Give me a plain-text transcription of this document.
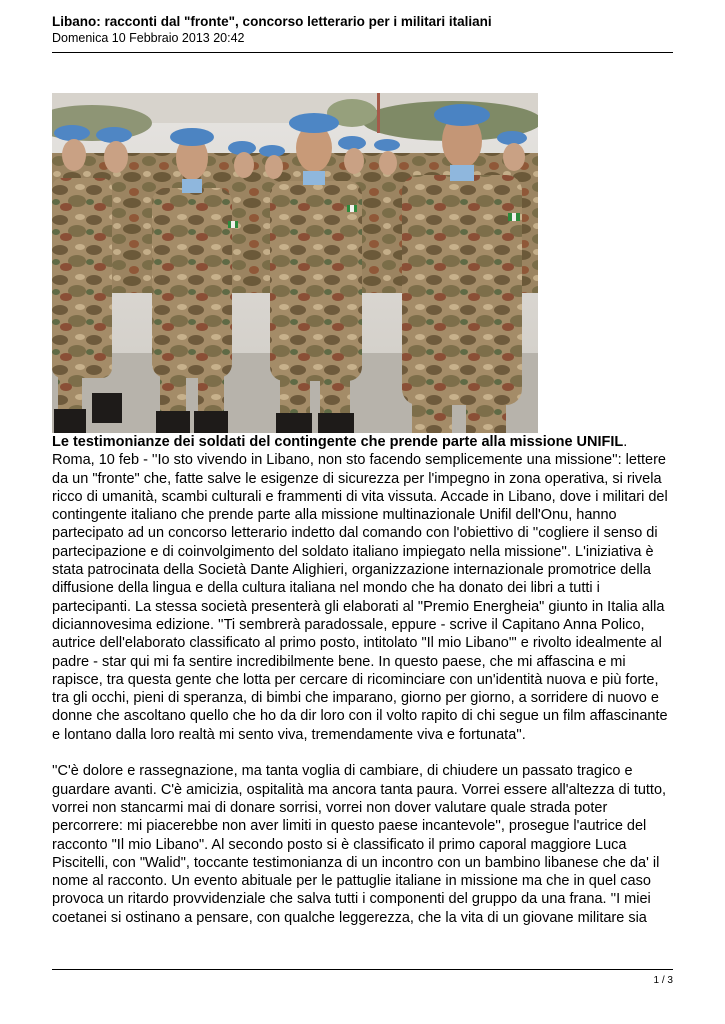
Libano: racconti dal "fronte", concorso letterario per i militari italiani
Domenica 10 Febbraio 2013 20:42

Le testimonianze dei soldati del contingente che prende parte alla missione UNIFIL.
Roma, 10 feb - ''Io sto vivendo in Libano, non sto facendo semplicemente una missione'': lettere da un "fronte" che, fatte salve le esigenze di sicurezza per l'impegno in zona operativa, si rivela ricco di umanità, scambi culturali e frammenti di vita vissuta. Accade in Libano, dove i militari del contingente italiano che prende parte alla missione multinazionale Unifil dell'Onu, hanno partecipato ad un concorso letterario indetto dal comando con l'obiettivo di ''cogliere il senso di partecipazione e di coinvolgimento del soldato italiano impiegato nella missione''. L'iniziativa è stata patrocinata della Società Dante Alighieri, organizzazione internazionale promotrice della diffusione della lingua e della cultura italiana nel mondo che ha donato dei libri a tutti i partecipanti. La stessa società presenterà gli elaborati al "Premio Energheia" giunto in Italia alla diciannovesima edizione. ''Ti sembrerà paradossale, eppure - scrive il Capitano Anna Polico, autrice dell'elaborato classificato al primo posto, intitolato "Il mio Libano"' e rivolto idealmente al padre - star qui mi fa sentire incredibilmente bene. In questo paese, che mi affascina e mi rapisce, tra questa gente che lotta per cercare di ricominciare con un'identità nuova e più forte, tra gli occhi, pieni di speranza, di bimbi che imparano, giorno per giorno, a sorridere di nuovo e donne che ascoltano quello che ho da dir loro con il volto rapito di chi segue un film affascinante e lontano dalla loro realtà mi sento viva, tremendamente viva e fortunata''.

''C'è dolore e rassegnazione, ma tanta voglia di cambiare, di chiudere un passato tragico e guardare avanti. C'è amicizia, ospitalità ma ancora tanta paura. Vorrei essere all'altezza di tutto, vorrei non stancarmi mai di donare sorrisi, vorrei non dover valutare quale strada poter percorrere: mi piacerebbe non aver limiti in questo paese incantevole'', prosegue l'autrice del racconto "Il mio Libano". Al secondo posto si è classificato il primo caporal maggiore Luca Piscitelli, con "Walid", toccante testimonianza di un incontro con un bambino libanese che da' il nome al racconto. Un evento abituale per le pattuglie italiane in missione ma che in quel caso provoca un ritardo provvidenziale che salva tutti i componenti del gruppo da una frana. ''I miei coetanei si ostinano a pensare, con qualche leggerezza, che la vita di un giovane militare sia

1 / 3
